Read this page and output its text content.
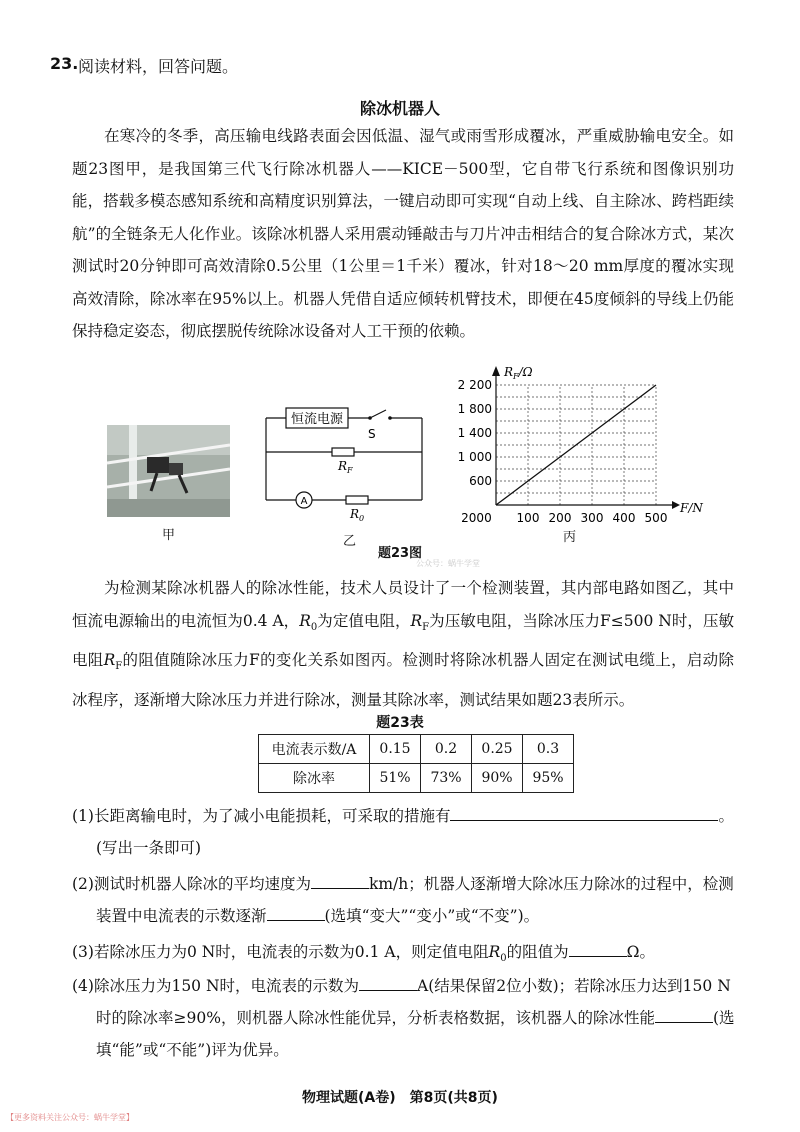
23. 阅读材料，回答问题。
除冰机器人
在寒冷的冬季，高压输电线路表面会因低温、湿气或雨雪形成覆冰，严重威胁输电安全。如题23图甲，是我国第三代飞行除冰机器人——KICE－500型，它自带飞行系统和图像识别功能，搭载多模态感知系统和高精度识别算法，一键启动即可实现“自动上线、自主除冰、跨档距续航”的全链条无人化作业。该除冰机器人采用震动锤敲击与刀片冲击相结合的复合除冰方式，某次测试时20分钟即可高效清除0.5公里（1公里＝1千米）覆冰，针对18～20 mm厚度的覆冰实现高效清除，除冰率在95%以上。机器人凭借自适应倾转机臂技术，即便在45度倾斜的导线上仍能保持稳定姿态，彻底摆脱传统除冰设备对人工干预的依赖。
甲
恒流电源
S
$R_F$
A
$R_0$
乙
$R_F/\Omega$
F/N
0 100 200 300 400 500
600
1 000
1 400
1 800
2 200
200
丙
题23图
公众号：蜗牛学堂
为检测某除冰机器人的除冰性能，技术人员设计了一个检测装置，其内部电路如图乙，其中恒流电源输出的电流恒为0.4 A，$R_0$为定值电阻，$R_F$为压敏电阻，当除冰压力F≤500 N时，压敏电阻$R_F$的阻值随除冰压力F的变化关系如图丙。检测时将除冰机器人固定在测试电缆上，启动除冰程序，逐渐增大除冰压力并进行除冰，测量其除冰率，测试结果如题23表所示。
题23表
电流表示数/A	0.15	0.2	0.25	0.3
除冰率	51%	73%	90%	95%
(1)长距离输电时，为了减小电能损耗，可采取的措施有	。
(写出一条即可)
(2)测试时机器人除冰的平均速度为	km/h；机器人逐渐增大除冰压力除冰的过程中，检测
装置中电流表的示数逐渐	(选填“变大”“变小”或“不变”)。
(3)若除冰压力为0 N时，电流表的示数为0.1 A，则定值电阻$R_0$的阻值为	Ω。
(4)除冰压力为150 N时，电流表的示数为	A(结果保留2位小数)；若除冰压力达到150 N
时的除冰率≥90%，则机器人除冰性能优异，分析表格数据，该机器人的除冰性能	(选
填“能”或“不能”)评为优异。
物理试题(A卷)　第8页(共8页)
【更多资料关注公众号：蜗牛学堂】
